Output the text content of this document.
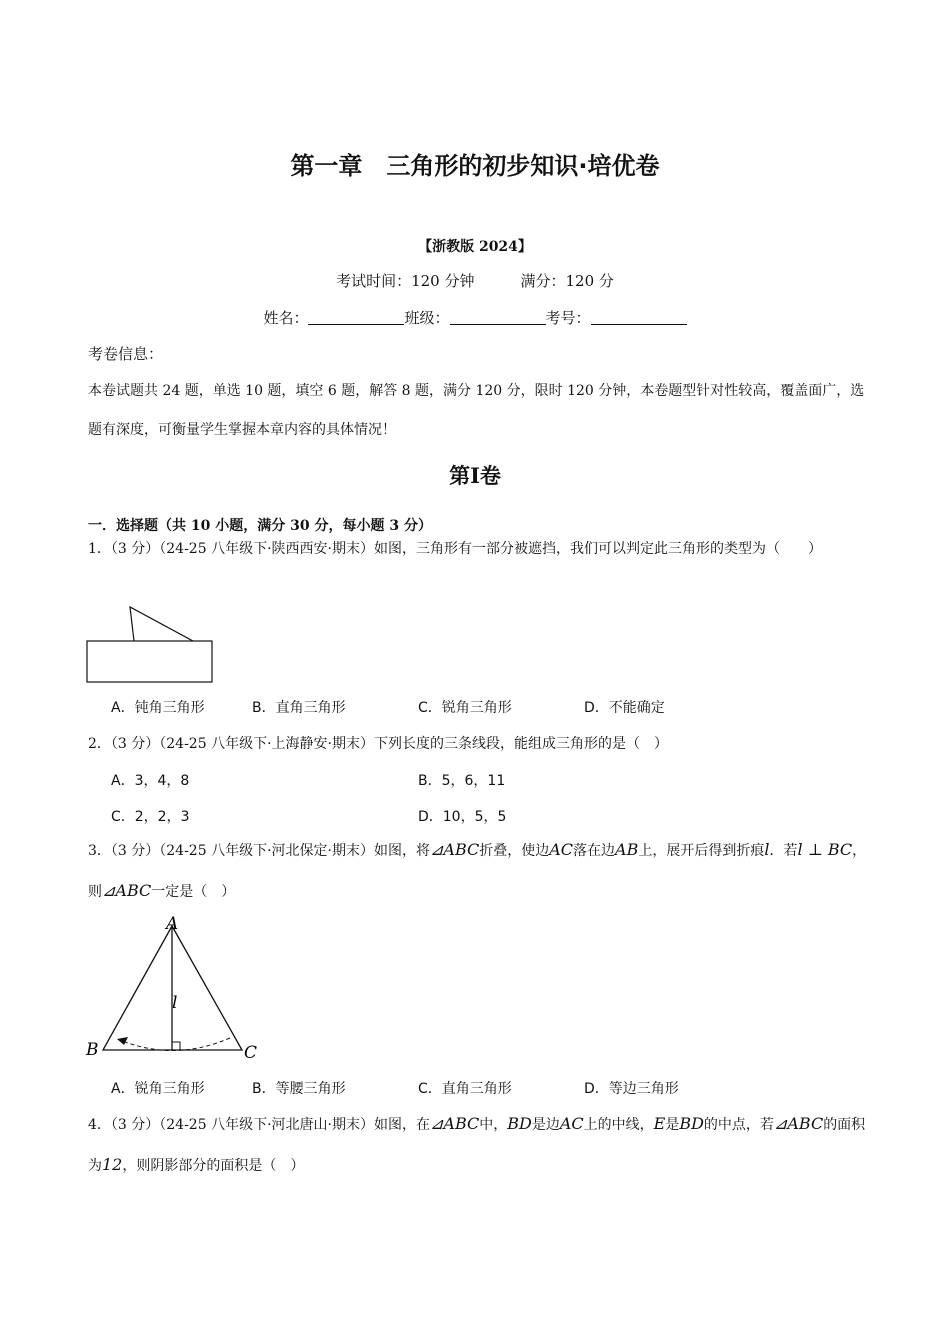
第一章　三角形的初步知识·培优卷
【浙教版 2024】
考试时间：120 分钟	满分：120 分
姓名：	班级：	考号：
考卷信息：
本卷试题共 24 题，单选 10 题，填空 6 题，解答 8 题，满分 120 分，限时 120 分钟，本卷题型针对性较高，覆盖面广，选题有深度，可衡量学生掌握本章内容的具体情况！
第Ⅰ卷
一．选择题（共 10 小题，满分 30 分，每小题 3 分）
1．（3 分）（24-25 八年级下·陕西西安·期末）如图，三角形有一部分被遮挡，我们可以判定此三角形的类型为（　　）
A．钝角三角形	B．直角三角形	C．锐角三角形	D．不能确定
2．（3 分）（24-25 八年级下·上海静安·期末）下列长度的三条线段，能组成三角形的是（　）
A．3，4，8	B．5，6，11
C．2，2，3	D．10，5，5
3．（3 分）（24-25 八年级下·河北保定·期末）如图，将⊿ABC折叠，使边AC落在边AB上，展开后得到折痕l．若l ⊥ BC，则⊿ABC一定是（　）
A
B	C
l
A．锐角三角形	B．等腰三角形	C．直角三角形	D．等边三角形
4．（3 分）（24-25 八年级下·河北唐山·期末）如图，在⊿ABC中，BD是边AC上的中线，E是BD的中点，若⊿ABC的面积为12，则阴影部分的面积是（　）
